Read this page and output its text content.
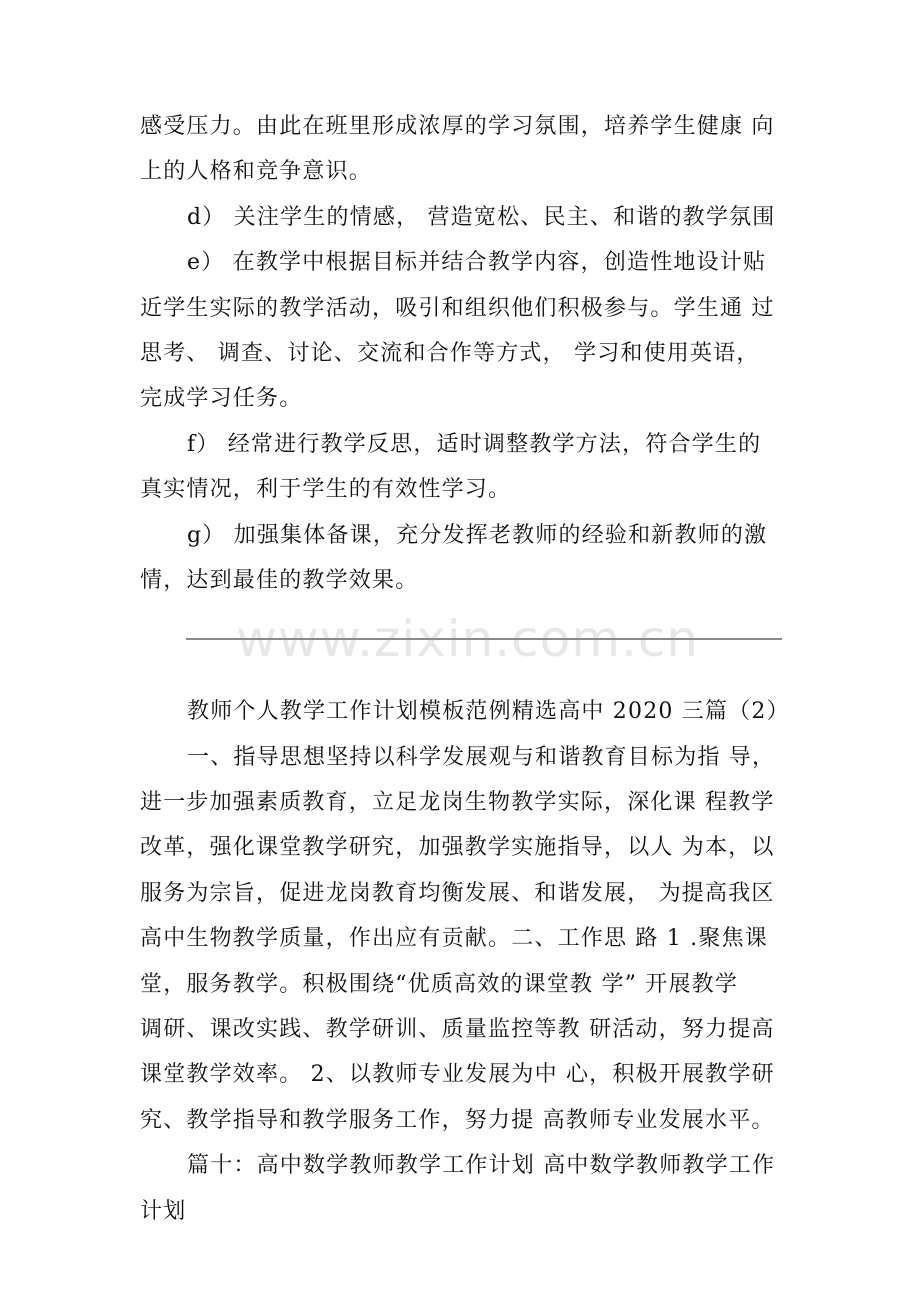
感受压力。由此在班里形成浓厚的学习氛围，培养学生健康 向
上的人格和竞争意识。
d） 关注学生的情感， 营造宽松、民主、和谐的教学氛围
e） 在教学中根据目标并结合教学内容，创造性地设计贴
近学生实际的教学活动，吸引和组织他们积极参与。学生通 过
思考、 调查、讨论、交流和合作等方式， 学习和使用英语，
完成学习任务。
f） 经常进行教学反思，适时调整教学方法，符合学生的
真实情况，利于学生的有效性学习。
g） 加强集体备课，充分发挥老教师的经验和新教师的激
情，达到最佳的教学效果。
www.zixin.com.cn
教师个人教学工作计划模板范例精选高中 2020 三篇（2）
一、指导思想坚持以科学发展观与和谐教育目标为指 导，
进一步加强素质教育，立足龙岗生物教学实际，深化课 程教学
改革，强化课堂教学研究，加强教学实施指导，以人 为本，以
服务为宗旨，促进龙岗教育均衡发展、和谐发展， 为提高我区
高中生物教学质量，作出应有贡献。二、工作思 路 1 .聚焦课
堂，服务教学。积极围绕“优质高效的课堂教 学” 开展教学
调研、课改实践、教学研训、质量监控等教 研活动，努力提高
课堂教学效率。 2、以教师专业发展为中 心，积极开展教学研
究、教学指导和教学服务工作，努力提 高教师专业发展水平。
篇十：高中数学教师教学工作计划 高中数学教师教学工作
计划
